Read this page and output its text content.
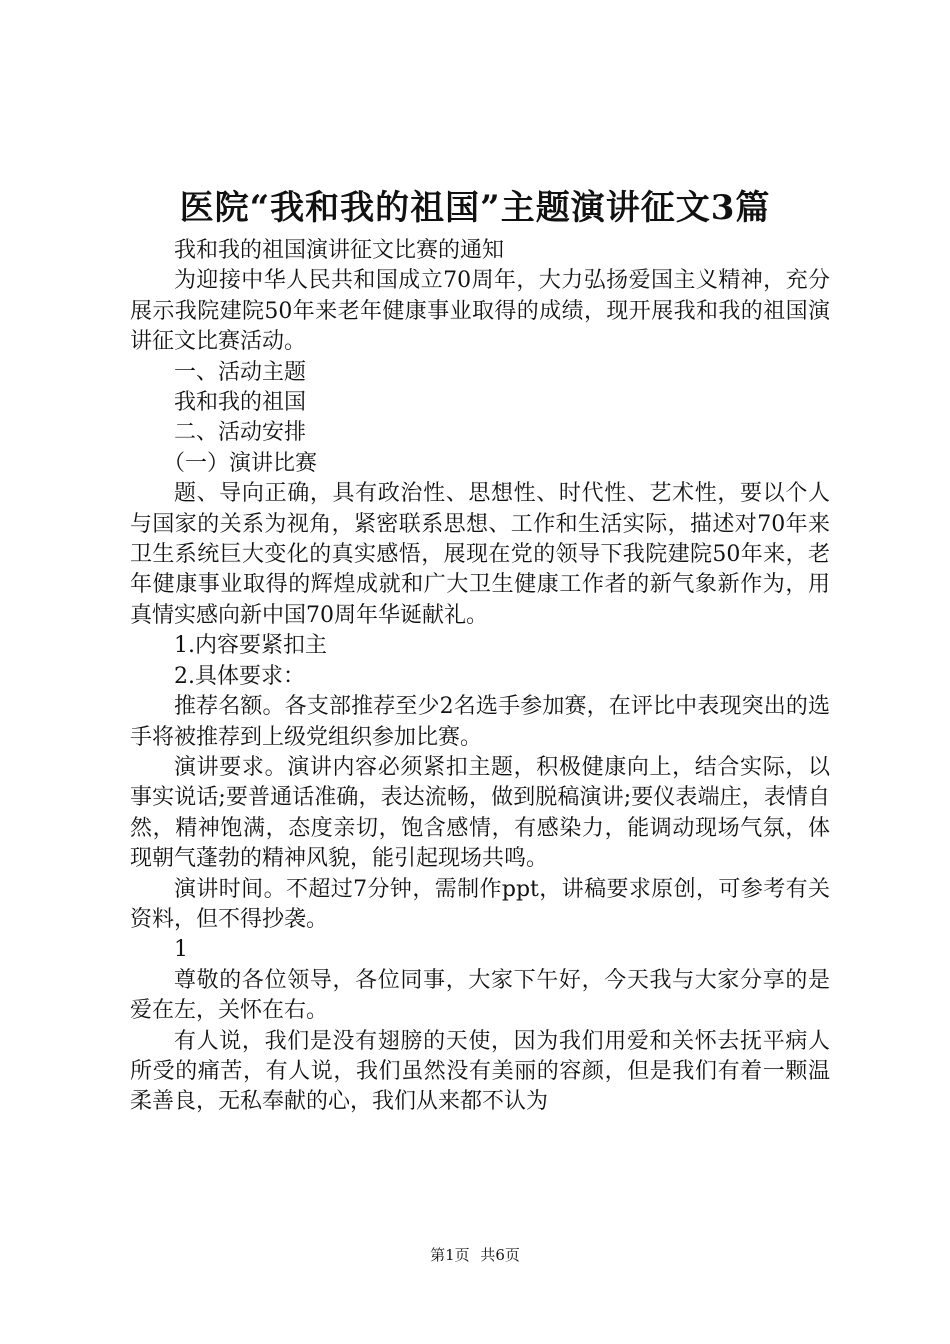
医院“我和我的祖国”主题演讲征文3篇

我和我的祖国演讲征文比赛的通知

为迎接中华人民共和国成立70周年，大力弘扬爱国主义精神，充分展示我院建院50年来老年健康事业取得的成绩，现开展我和我的祖国演讲征文比赛活动。

一、活动主题

我和我的祖国

二、活动安排

（一）演讲比赛

题、导向正确，具有政治性、思想性、时代性、艺术性，要以个人与国家的关系为视角，紧密联系思想、工作和生活实际，描述对70年来卫生系统巨大变化的真实感悟，展现在党的领导下我院建院50年来，老年健康事业取得的辉煌成就和广大卫生健康工作者的新气象新作为，用真情实感向新中国70周年华诞献礼。

1.内容要紧扣主

2.具体要求：

推荐名额。各支部推荐至少2名选手参加赛，在评比中表现突出的选手将被推荐到上级党组织参加比赛。

演讲要求。演讲内容必须紧扣主题，积极健康向上，结合实际，以事实说话;要普通话准确，表达流畅，做到脱稿演讲;要仪表端庄，表情自然，精神饱满，态度亲切，饱含感情，有感染力，能调动现场气氛，体现朝气蓬勃的精神风貌，能引起现场共鸣。

演讲时间。不超过7分钟，需制作ppt，讲稿要求原创，可参考有关资料，但不得抄袭。

1

尊敬的各位领导，各位同事，大家下午好，今天我与大家分享的是爱在左，关怀在右。

有人说，我们是没有翅膀的天使，因为我们用爱和关怀去抚平病人所受的痛苦，有人说，我们虽然没有美丽的容颜，但是我们有着一颗温柔善良，无私奉献的心，我们从来都不认为

第1页 共6页
